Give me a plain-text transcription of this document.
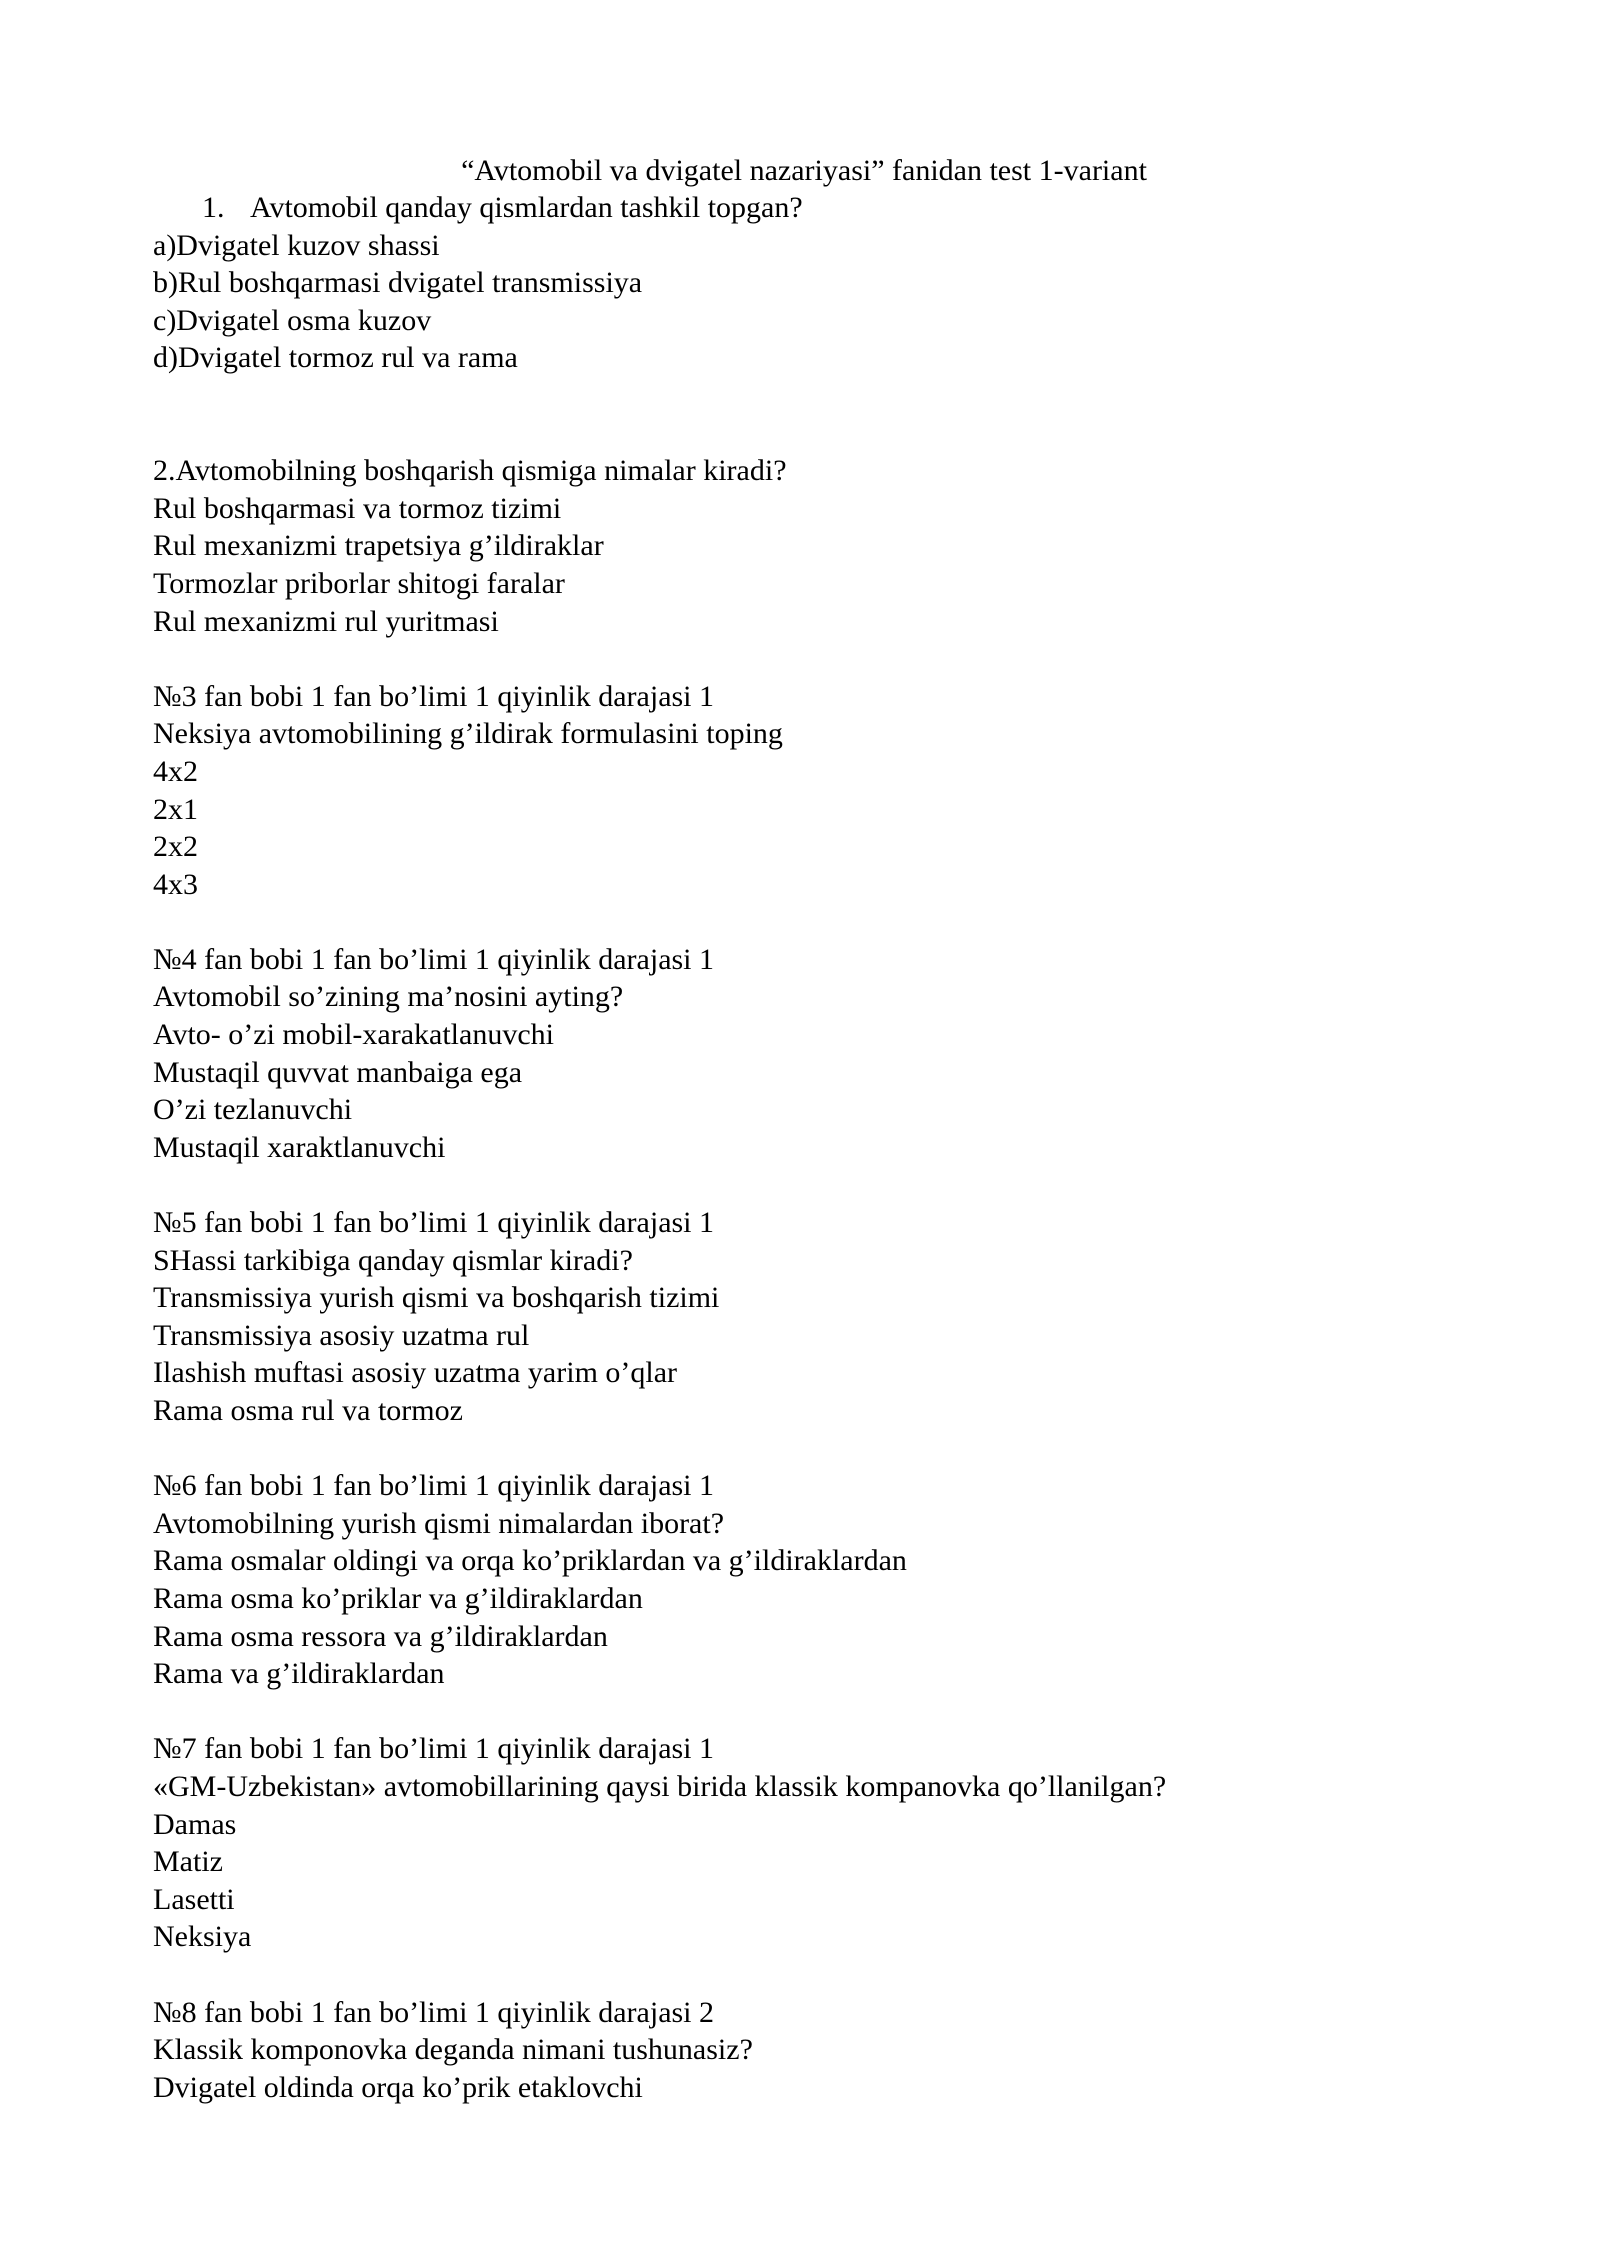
“Avtomobil va dvigatel nazariyasi” fanidan test 1-variant
1. Avtomobil qanday qismlardan tashkil topgan?
a)Dvigatel kuzov shassi
b)Rul boshqarmasi dvigatel transmissiya
c)Dvigatel osma kuzov
d)Dvigatel tormoz rul va rama
2.Avtomobilning boshqarish qismiga nimalar kiradi?
Rul boshqarmasi va tormoz tizimi
Rul mexanizmi trapetsiya g’ildiraklar
Tormozlar priborlar shitogi faralar
Rul mexanizmi rul yuritmasi
№3 fan bobi 1 fan bo’limi 1 qiyinlik darajasi 1
Neksiya avtomobilining g’ildirak formulasini toping
4x2
2x1
2x2
4x3
№4 fan bobi 1 fan bo’limi 1 qiyinlik darajasi 1
Avtomobil so’zining ma’nosini ayting?
Avto- o’zi mobil-xarakatlanuvchi
Mustaqil quvvat manbaiga ega
O’zi tezlanuvchi
Mustaqil xaraktlanuvchi
№5 fan bobi 1 fan bo’limi 1 qiyinlik darajasi 1
SHassi tarkibiga qanday qismlar kiradi?
Transmissiya yurish qismi va boshqarish tizimi
Transmissiya asosiy uzatma rul
Ilashish muftasi asosiy uzatma yarim o’qlar
Rama osma rul va tormoz
№6 fan bobi 1 fan bo’limi 1 qiyinlik darajasi 1
Avtomobilning yurish qismi nimalardan iborat?
Rama osmalar oldingi va orqa ko’priklardan va g’ildiraklardan
Rama osma ko’priklar va g’ildiraklardan
Rama osma ressora va g’ildiraklardan
Rama va g’ildiraklardan
№7 fan bobi 1 fan bo’limi 1 qiyinlik darajasi 1
«GM-Uzbekistan» avtomobillarining qaysi birida klassik kompanovka qo’llanilgan?
Damas
Matiz
Lasetti
Neksiya
№8 fan bobi 1 fan bo’limi 1 qiyinlik darajasi 2
Klassik komponovka deganda nimani tushunasiz?
Dvigatel oldinda orqa ko’prik etaklovchi
